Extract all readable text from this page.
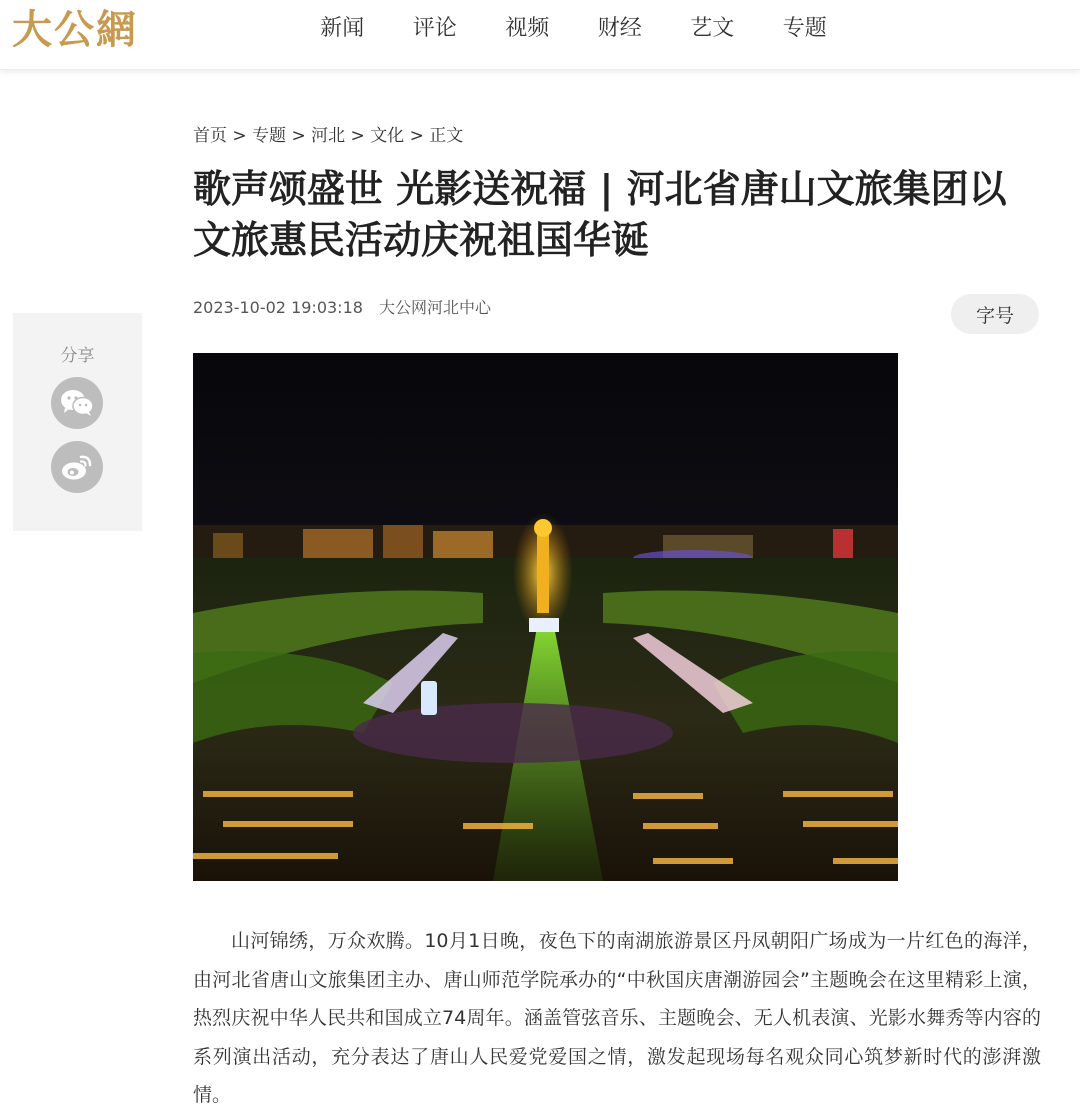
大公網	新闻	评论	视频	财经	艺文	专题
分享
首页 > 专题 > 河北 > 文化 > 正文
歌声颂盛世 光影送祝福 | 河北省唐山文旅集团以文旅惠民活动庆祝祖国华诞
2023-10-02 19:03:18 大公网河北中心	字号

山河锦绣，万众欢腾。10月1日晚，夜色下的南湖旅游景区丹凤朝阳广场成为一片红色的海洋，由河北省唐山文旅集团主办、唐山师范学院承办的“中秋国庆唐潮游园会”主题晚会在这里精彩上演，热烈庆祝中华人民共和国成立74周年。涵盖管弦音乐、主题晚会、无人机表演、光影水舞秀等内容的系列演出活动，充分表达了唐山人民爱党爱国之情，激发起现场每名观众同心筑梦新时代的澎湃激情。
